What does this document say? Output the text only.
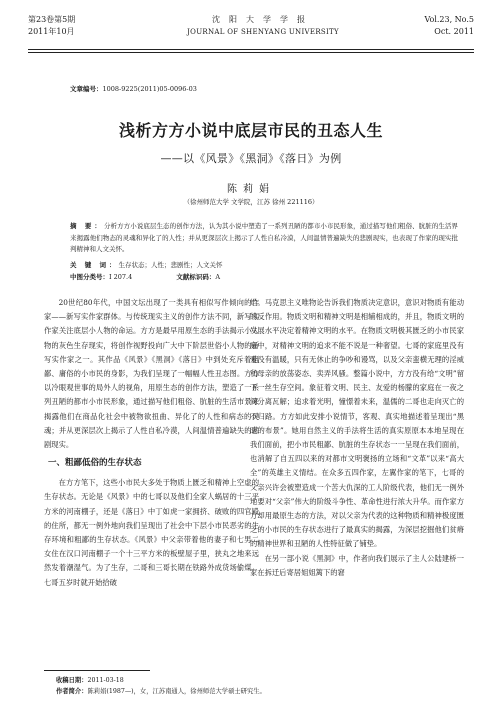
第23卷第5期
2011年10月
沈阳大学学报
JOURNAL OF SHENYANG UNIVERSITY
Vol.23, No.5
Oct. 2011
文章编号：1008-9225(2011)05-0096-03
浅析方方小说中底层市民的丑态人生
——以《风景》《黑洞》《落日》为例
陈莉娟
（徐州师范大学 文学院，江苏 徐州 221116）
摘 要：分析方方小说底层生态的创作方法，认为其小说中塑造了一系列丑陋的都市小市民形象，通过描写他们粗俗、肮脏的生活界来揭露他们物态的灵魂和异化了的人性；并从更深层次上揭示了人性自私冷漠，人间温情普遍缺失的悲剧现实，也表现了作家的现实批判精神和人文关怀。
关 键 词：生存状态；人性；悲剧性；人文关怀
中图分类号：I 207.4	文献标识码：A

20世纪80年代，中国文坛出现了一类具有相似写作倾向的作家——新写实作家群体。与传统现实主义的创作方法不同，新写实作家关注底层小人物的命运。方方是最早用原生态的手法揭示小人物的灰色生存现实，将创作视野投向广大中下阶层世俗小人物的新写实作家之一。其作品《风景》《黑洞》《落日》中到处充斥着粗鄙、庸俗的小市民的身影，为我们呈现了一幅幅人性丑态图。方方以冷眼观世事的局外人的视角，用原生态的创作方法，塑造了一系列丑陋的都市小市民形象，通过描写他们粗俗、肮脏的生活市景来揭露他们在商品化社会中被物欲扭曲、异化了的人性和病态的灵魂；并从更深层次上揭示了人性自私冷漠，人间温情普遍缺失的悲剧现实。

一、粗鄙低俗的生存状态

在方方笔下，这些小市民大多处于物质上匮乏和精神上空虚的生存状态。无论是《风景》中的七哥以及他们全家人蜗居的十三平方米的河南棚子，还是《落日》中丁如虎一家拥挤、破败的四官殿的住所，都无一例外地向我们呈现出了社会中下层小市民恶劣的生存环境和粗鄙的生存状态。《风景》中父亲带着他的妻子和七男二女住在汉口河南棚子一个十三平方米的板壁屋子里，狭丸之地来远然发着潮湿气。为了生存，二哥和三哥长期在铁路外成货场偷煤，七哥五岁时就开始拾破

烂。马克思主义唯物论告诉我们物质决定意识，意识对物质有能动的反作用。物质文明和精神文明是相辅相成的，并且，物质文明的发展水平决定着精神文明的水平。在物质文明极其匮乏的小市民家庭中，对精神文明的追求不能不说是一种奢望。七哥的家庭里没有爱没有温暖，只有无休止的争吵和谩骂，以及父亲蛮横无理的淫威和母亲的放荡姿态、卖弄风骚。整篇小说中，方方没有给“文明”留下一丝生存空间。象征着文明、民主、友爱的杨朦的家庭在一夜之间分离瓦解；追求着光明，憧憬着未来，温儒的二哥也走向灭亡的不归路。方方如此安排小说情节，客观、真实地描述着呈现出“黑暗的布景”。她用自然主义的手法将生活的真实原原本本地呈现在我们面前，把小市民粗鄙、肮脏的生存状态一一呈现在我们面前，也消解了自五四以来的对都市文明褒扬的立场和“文革”以来“高大全”的英雄主义情结。在众多五四作家，左翼作家的笔下，七哥的父亲兴许会被塑造成一个苦大仇深的工人阶级代表，他们无一例外地要对“父亲”伟大的阶级斗争性、革命性进行浓大升华。而作家方方却用最原生态的方法，对以父亲为代表的这种物质和精神极度匮乏的小市民的生存状态进行了最真实的揭露，为深层挖掘他们贫瘠的精神世界和丑陋的人性特征做了铺垫。

在另一部小说《黑洞》中，作者向我们展示了主人公陆建桥一家在拆迁后寄居姐姐篱下的窘

收稿日期：2011-03-18
作者简介：陈莉娟(1987—)，女，江苏南通人，徐州师范大学硕士研究生。
